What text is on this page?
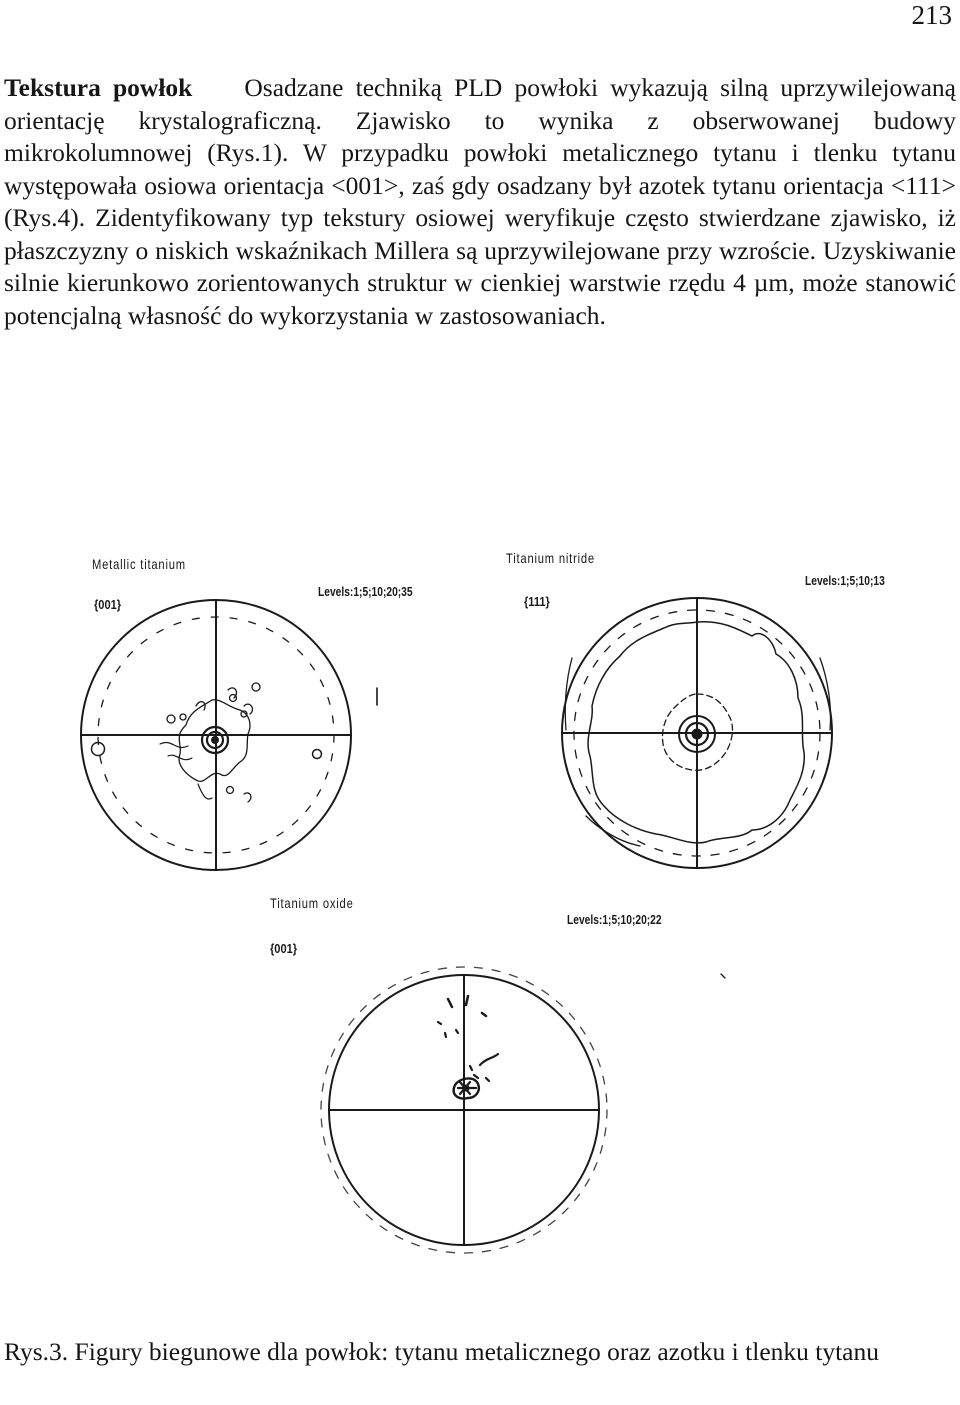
213

Tekstura powłok Osadzane techniką PLD powłoki wykazują silną uprzywilejowaną orientację krystalograficzną. Zjawisko to wynika z obserwowanej budowy mikrokolumnowej (Rys.1). W przypadku powłoki metalicznego tytanu i tlenku tytanu występowała osiowa orientacja <001>, zaś gdy osadzany był azotek tytanu orientacja <111> (Rys.4). Zidentyfikowany typ tekstury osiowej weryfikuje często stwierdzane zjawisko, iż płaszczyzny o niskich wskaźnikach Millera są uprzywilejowane przy wzroście. Uzyskiwanie silnie kierunkowo zorientowanych struktur w cienkiej warstwie rzędu 4 µm, może stanowić potencjalną własność do wykorzystania w zastosowaniach.

Metallic titanium
{001}
Levels:1;5;10;20;35
Titanium nitride
{111}
Levels:1;5;10;13
Titanium oxide
{001}
Levels:1;5;10;20;22

Rys.3. Figury biegunowe dla powłok: tytanu metalicznego oraz azotku i tlenku tytanu
